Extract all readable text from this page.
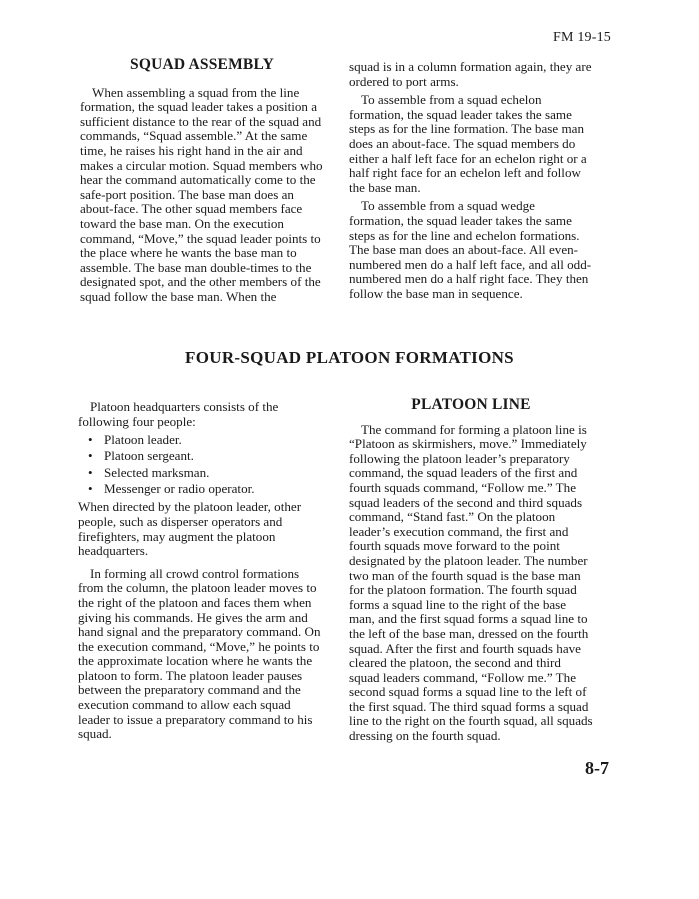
FM 19-15
SQUAD ASSEMBLY

When assembling a squad from the line formation, the squad leader takes a position a sufficient distance to the rear of the squad and commands, “Squad assemble.” At the same time, he raises his right hand in the air and makes a circular motion. Squad members who hear the command automatically come to the safe-port position. The base man does an about-face. The other squad members face toward the base man. On the execution command, “Move,” the squad leader points to the place where he wants the base man to assemble. The base man double-times to the designated spot, and the other members of the squad follow the base man. When the

squad is in a column formation again, they are ordered to port arms.

To assemble from a squad echelon formation, the squad leader takes the same steps as for the line formation. The base man does an about-face. The squad members do either a half left face for an echelon right or a half right face for an echelon left and follow the base man.

To assemble from a squad wedge formation, the squad leader takes the same steps as for the line and echelon formations. The base man does an about-face. All even-numbered men do a half left face, and all odd-numbered men do a half right face. They then follow the base man in sequence.

FOUR-SQUAD PLATOON FORMATIONS

Platoon headquarters consists of the following four people:

• Platoon leader.
• Platoon sergeant.
• Selected marksman.
• Messenger or radio operator.

When directed by the platoon leader, other people, such as disperser operators and firefighters, may augment the platoon headquarters.

In forming all crowd control formations from the column, the platoon leader moves to the right of the platoon and faces them when giving his commands. He gives the arm and hand signal and the preparatory command. On the execution command, “Move,” he points to the approximate location where he wants the platoon to form. The platoon leader pauses between the preparatory command and the execution command to allow each squad leader to issue a preparatory command to his squad.

PLATOON LINE

The command for forming a platoon line is “Platoon as skirmishers, move.” Immediately following the platoon leader’s preparatory command, the squad leaders of the first and fourth squads command, “Follow me.” The squad leaders of the second and third squads command, “Stand fast.” On the platoon leader’s execution command, the first and fourth squads move forward to the point designated by the platoon leader. The number two man of the fourth squad is the base man for the platoon formation. The fourth squad forms a squad line to the right of the base man, and the first squad forms a squad line to the left of the base man, dressed on the fourth squad. After the first and fourth squads have cleared the platoon, the second and third squad leaders command, “Follow me.” The second squad forms a squad line to the left of the first squad. The third squad forms a squad line to the right on the fourth squad, all squads dressing on the fourth squad.

8-7
